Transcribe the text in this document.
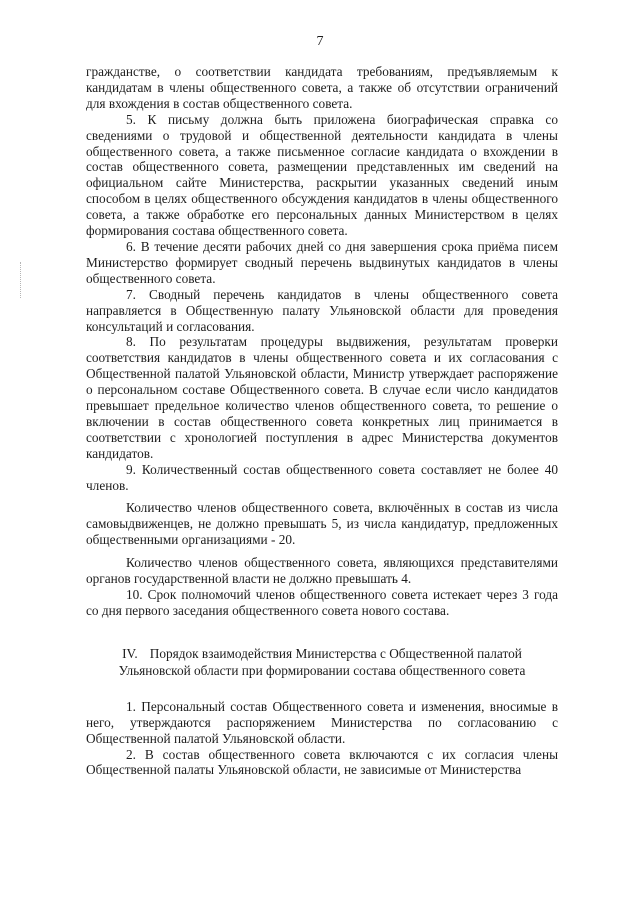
7

гражданстве, о соответствии кандидата требованиям, предъявляемым к кандидатам в члены общественного совета, а также об отсутствии ограничений для вхождения в состав общественного совета.

5. К письму должна быть приложена биографическая справка со сведениями о трудовой и общественной деятельности кандидата в члены общественного совета, а также письменное согласие кандидата о вхождении в состав общественного совета, размещении представленных им сведений на официальном сайте Министерства, раскрытии указанных сведений иным способом в целях общественного обсуждения кандидатов в члены общественного совета, а также обработке его персональных данных Министерством в целях формирования состава общественного совета.

6. В течение десяти рабочих дней со дня завершения срока приёма писем Министерство формирует сводный перечень выдвинутых кандидатов в члены общественного совета.

7. Сводный перечень кандидатов в члены общественного совета направляется в Общественную палату Ульяновской области для проведения консультаций и согласования.

8. По результатам процедуры выдвижения, результатам проверки соответствия кандидатов в члены общественного совета и их согласования с Общественной палатой Ульяновской области, Министр утверждает распоряжение о персональном составе Общественного совета. В случае если число кандидатов превышает предельное количество членов общественного совета, то решение о включении в состав общественного совета конкретных лиц принимается в соответствии с хронологией поступления в адрес Министерства документов кандидатов.

9. Количественный состав общественного совета составляет не более 40 членов.

Количество членов общественного совета, включённых в состав из числа самовыдвиженцев, не должно превышать 5, из числа кандидатур, предложенных общественными организациями - 20.

Количество членов общественного совета, являющихся представителями органов государственной власти не должно превышать 4.

10. Срок полномочий членов общественного совета истекает через 3 года со дня первого заседания общественного совета нового состава.

IV. Порядок взаимодействия Министерства с Общественной палатой
Ульяновской области при формировании состава общественного совета

1. Персональный состав Общественного совета и изменения, вносимые в него, утверждаются распоряжением Министерства по согласованию с Общественной палатой Ульяновской области.

2. В состав общественного совета включаются с их согласия члены Общественной палаты Ульяновской области, не зависимые от Министерства
